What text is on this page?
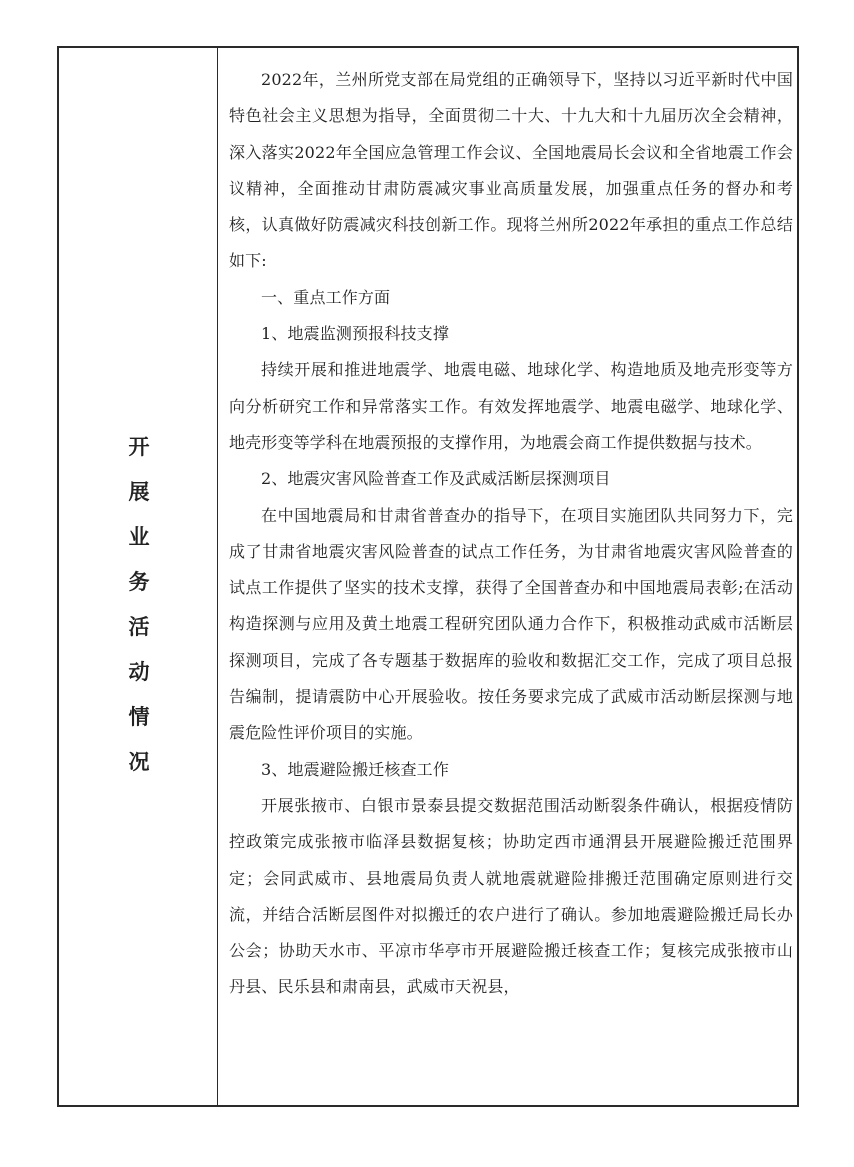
开
展
业
务
活
动
情
况

2022年，兰州所党支部在局党组的正确领导下，坚持以习近平新时代中国特色社会主义思想为指导，全面贯彻二十大、十九大和十九届历次全会精神，深入落实2022年全国应急管理工作会议、全国地震局长会议和全省地震工作会议精神，全面推动甘肃防震减灾事业高质量发展，加强重点任务的督办和考核，认真做好防震减灾科技创新工作。现将兰州所2022年承担的重点工作总结如下:

一、重点工作方面

1、地震监测预报科技支撑

持续开展和推进地震学、地震电磁、地球化学、构造地质及地壳形变等方向分析研究工作和异常落实工作。有效发挥地震学、地震电磁学、地球化学、地壳形变等学科在地震预报的支撑作用，为地震会商工作提供数据与技术。

2、地震灾害风险普查工作及武威活断层探测项目

在中国地震局和甘肃省普查办的指导下，在项目实施团队共同努力下，完成了甘肃省地震灾害风险普查的试点工作任务，为甘肃省地震灾害风险普查的试点工作提供了坚实的技术支撑，获得了全国普查办和中国地震局表彰;在活动构造探测与应用及黄土地震工程研究团队通力合作下，积极推动武威市活断层探测项目，完成了各专题基于数据库的验收和数据汇交工作，完成了项目总报告编制，提请震防中心开展验收。按任务要求完成了武威市活动断层探测与地震危险性评价项目的实施。

3、地震避险搬迁核查工作

开展张掖市、白银市景泰县提交数据范围活动断裂条件确认，根据疫情防控政策完成张掖市临泽县数据复核；协助定西市通渭县开展避险搬迁范围界定；会同武威市、县地震局负责人就地震就避险排搬迁范围确定原则进行交流，并结合活断层图件对拟搬迁的农户进行了确认。参加地震避险搬迁局长办公会；协助天水市、平凉市华亭市开展避险搬迁核查工作；复核完成张掖市山丹县、民乐县和肃南县，武威市天祝县，
